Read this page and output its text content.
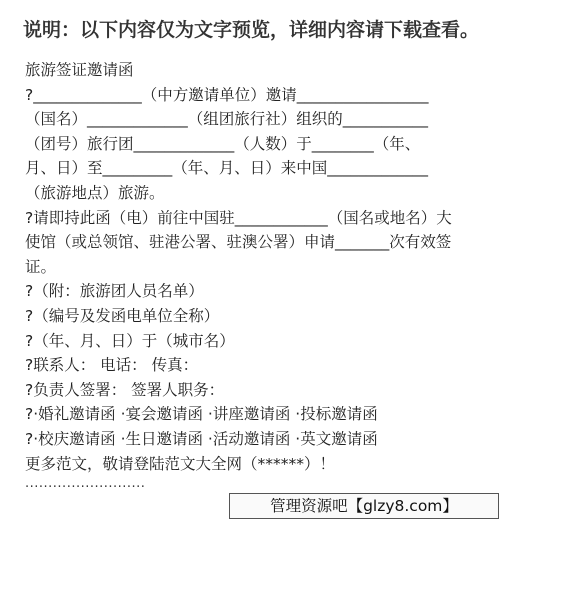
说明：以下内容仅为文字预览，详细内容请下载查看。
旅游签证邀请函
?______________（中方邀请单位）邀请_________________
（国名）_____________（组团旅行社）组织的___________
（团号）旅行团_____________（人数）于________（年、
月、日）至_________（年、月、日）来中国_____________
（旅游地点）旅游。
?请即持此函（电）前往中国驻____________（国名或地名）大
使馆（或总领馆、驻港公署、驻澳公署）申请_______次有效签
证。
?（附：旅游团人员名单）
?（编号及发函电单位全称）
?（年、月、日）于（城市名）
?联系人： 电话： 传真：
?负责人签署： 签署人职务：
?·婚礼邀请函 ·宴会邀请函 ·讲座邀请函 ·投标邀请函
?·校庆邀请函 ·生日邀请函 ·活动邀请函 ·英文邀请函
更多范文，敬请登陆范文大全网（******）！
··························
管理资源吧【glzy8.com】
